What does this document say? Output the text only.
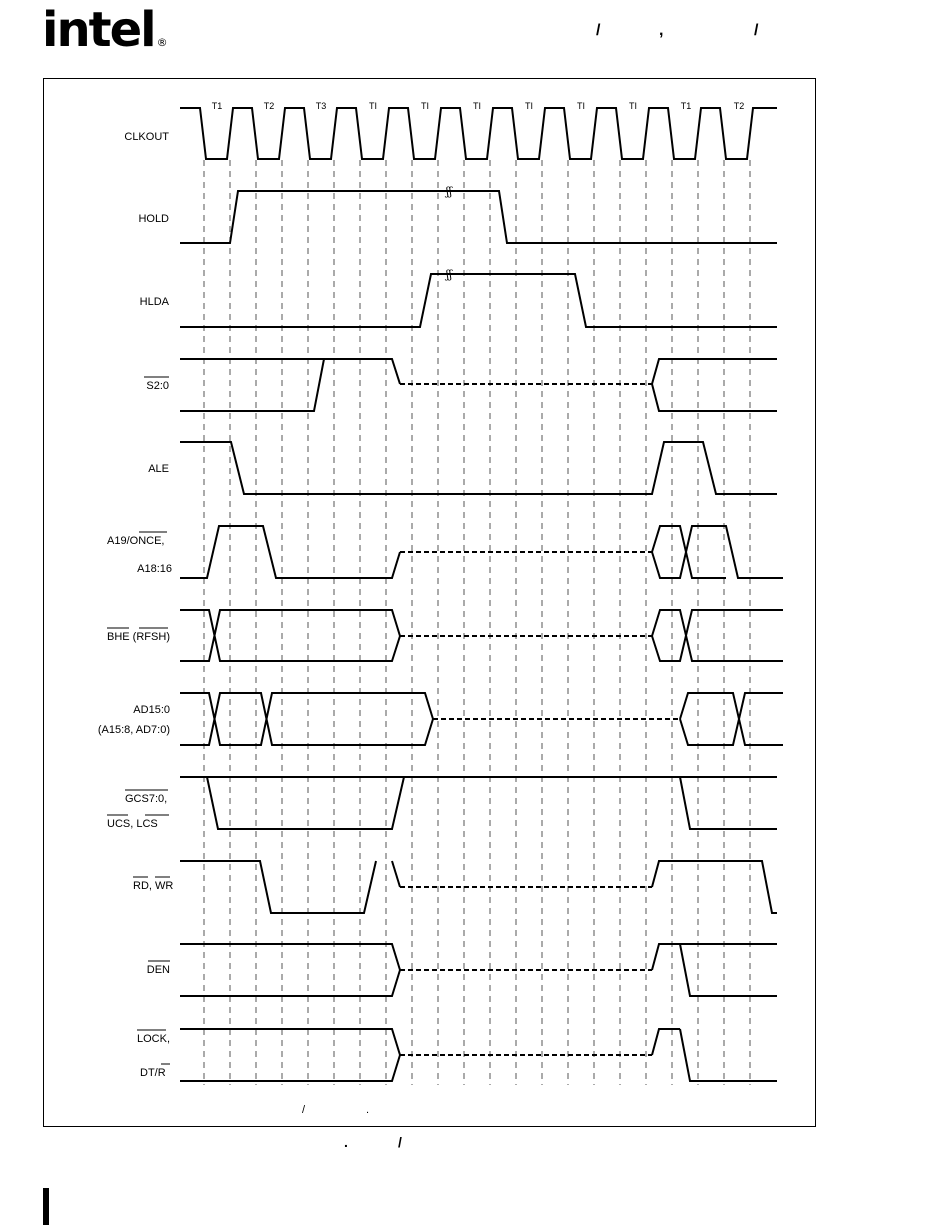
intel ®
/	,	/
/	.
.	/
T1	T2	T3	TI	TI	TI	TI	TI	TI	T1	T2
CLKOUT
HOLD
HLDA
S2:0
ALE
A19/ONCE,
A18:16
BHE (RFSH)
AD15:0
(A15:8, AD7:0)
GCS7:0,
UCS, LCS
RD, WR
DEN
LOCK,
DT/R
ʃʃ
ʃʃ
